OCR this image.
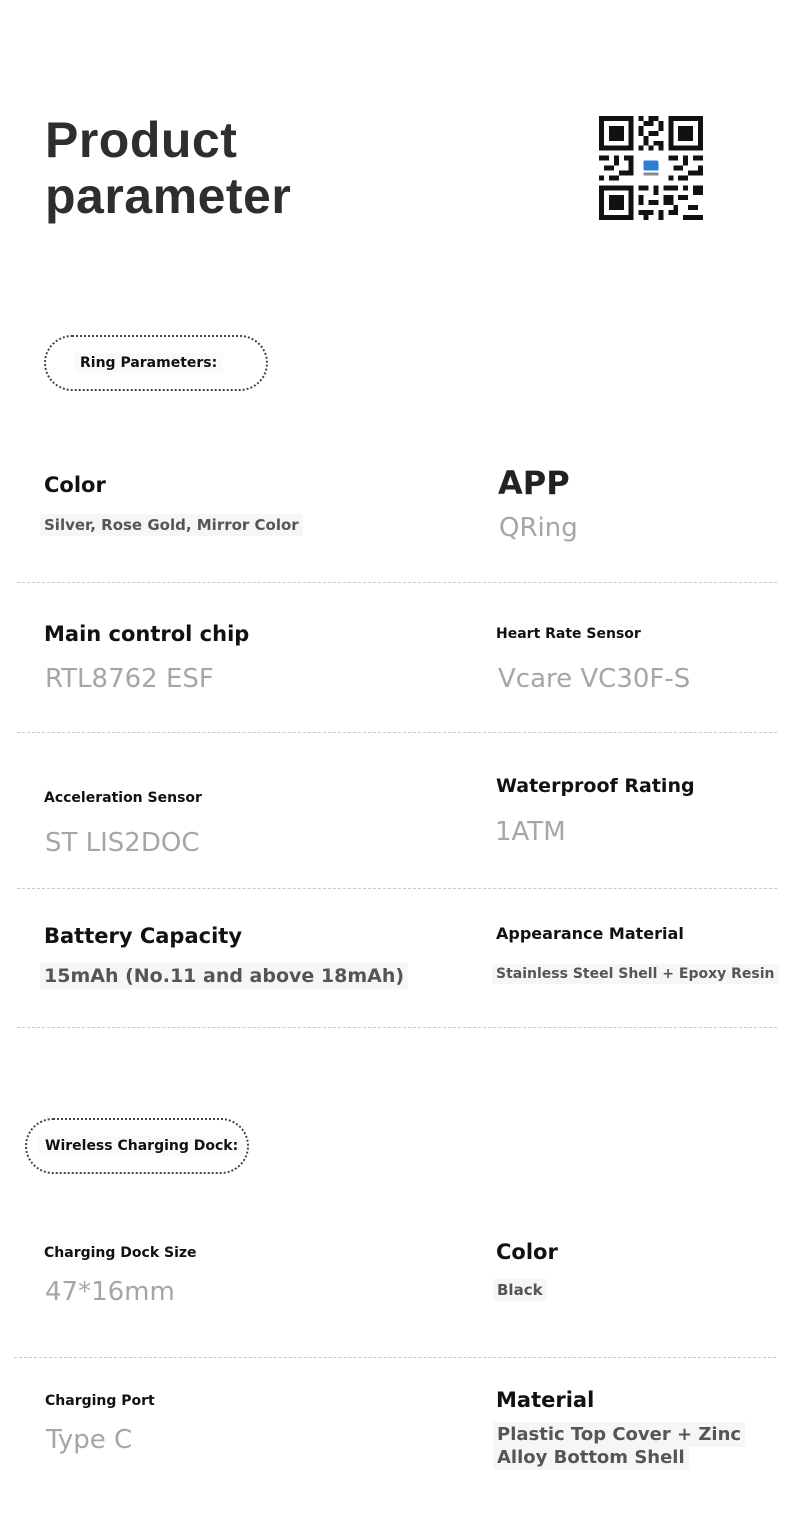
Product
parameter
Ring Parameters:
Color
Silver, Rose Gold, Mirror Color
APP
QRing
Main control chip
RTL8762 ESF
Heart Rate Sensor
Vcare VC30F-S
Acceleration Sensor
ST LIS2DOC
Waterproof Rating
1ATM
Battery Capacity
15mAh (No.11 and above 18mAh)
Appearance Material
Stainless Steel Shell + Epoxy Resin
Wireless Charging Dock:
Charging Dock Size
47*16mm
Color
Black
Charging Port
Type C
Material
Plastic Top Cover + Zinc
Alloy Bottom Shell
